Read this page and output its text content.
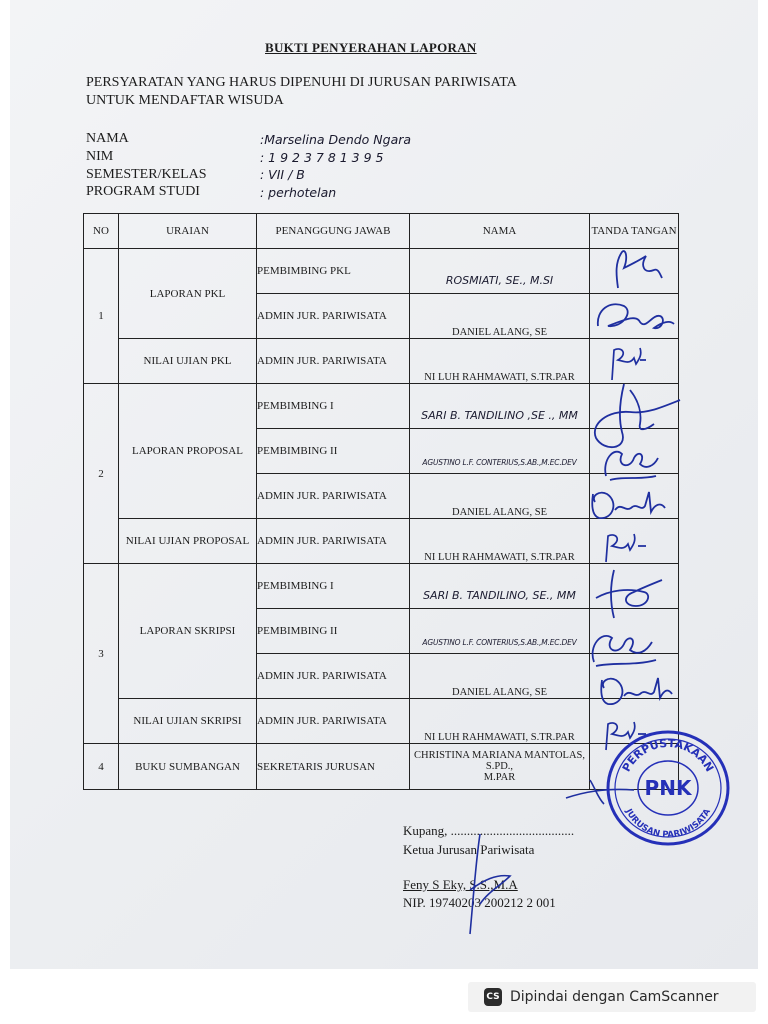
BUKTI PENYERAHAN LAPORAN
PERSYARATAN YANG HARUS DIPENUHI DI JURUSAN PARIWISATA
UNTUK MENDAFTAR WISUDA
NAMA	:Marselina Dendo Ngara
NIM	: 1 9 2 3 7 8 1 3 9 5
SEMESTER/KELAS	: VII / B
PROGRAM STUDI	: perhotelan
NO	URAIAN	PENANGGUNG JAWAB	NAMA	TANDA TANGAN
1	LAPORAN PKL	PEMBIMBING PKL	ROSMIATI, SE., M.SI	

		ADMIN JUR. PARIWISATA	DANIEL ALANG, SE	
	NILAI UJIAN PKL	ADMIN JUR. PARIWISATA	NI LUH RAHMAWATI, S.TR.PAR	
2	LAPORAN PROPOSAL	PEMBIMBING I	SARI B. TANDILINO ,SE ., MM	

		PEMBIMBING II	AGUSTINO L.F. CONTERIUS,S.AB.,M.EC.DEV	

		ADMIN JUR. PARIWISATA	DANIEL ALANG, SE	
	NILAI UJIAN PROPOSAL	ADMIN JUR. PARIWISATA	NI LUH RAHMAWATI, S.TR.PAR	
3	LAPORAN SKRIPSI	PEMBIMBING I	SARI B. TANDILINO, SE., MM	

		PEMBIMBING II	AGUSTINO L.F. CONTERIUS,S.AB.,M.EC.DEV	

		ADMIN JUR. PARIWISATA	DANIEL ALANG, SE	
	NILAI UJIAN SKRIPSI	ADMIN JUR. PARIWISATA	NI LUH RAHMAWATI, S.TR.PAR	
4	BUKU SUMBANGAN	SEKRETARIS JURUSAN	CHRISTINA MARIANA MANTOLAS, S.PD.,
M.PAR	

PERPUSTAKAAN
JURUSAN PARIWISATA
PNK
Kupang, ......................................
Ketua Jurusan Pariwisata
Feny S Eky, S.S.,M.A
NIP. 19740203 200212 2 001
CS Dipindai dengan CamScanner
